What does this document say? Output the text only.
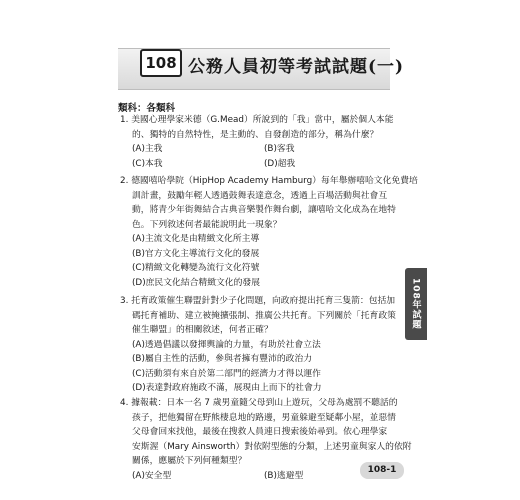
108 公務人員初等考試試題(一)
類科：各類科
1. 美國心理學家米德（G.Mead）所說到的「我」當中，屬於個人本能
的、獨特的自然特性，是主動的、自發創造的部分，稱為什麼？
(A)主我	(B)客我
(C)本我	(D)超我
2. 德國嘻哈學院（HipHop Academy Hamburg）每年舉辦嘻哈文化免費培
訓計畫，鼓勵年輕人透過鼓舞表達意念，透過上百場活動與社會互
動，將青少年街舞結合古典音樂製作舞台劇，讓嘻哈文化成為在地特
色。下列敘述何者最能說明此一現象？
(A)主流文化是由精緻文化所主導
(B)官方文化主導流行文化的發展
(C)精緻文化轉變為流行文化符號
(D)庶民文化結合精緻文化的發展
3. 托育政策催生聯盟針對少子化問題，向政府提出托育三隻箭：包括加
碼托育補助、建立被掩擴張制、推廣公共托育。下列關於「托育政策
催生聯盟」的相關敘述，何者正確？
(A)透過倡議以發揮輿論的力量，有助於社會立法
(B)屬自主性的活動，參與者擁有豐沛的政治力
(C)活動須有來自於第二部門的經濟力才得以運作
(D)表達對政府施政不滿，展現由上而下的社會力
4. 據報載：日本一名 7 歲男童隨父母到山上遊玩，父母為處罰不聽話的
孩子，把他獨留在野熊棲息地的路邊，男童躲避至疑鄰小屋，並惡情
父母會回來找他，最後在搜救人員連日搜索後始尋到。依心理學家
安斯渥（Mary Ainsworth）對依附型態的分類，上述男童與家人的依附
關係，應屬於下列何種類型？
(A)安全型	(B)逃避型
108年試題
108-1
